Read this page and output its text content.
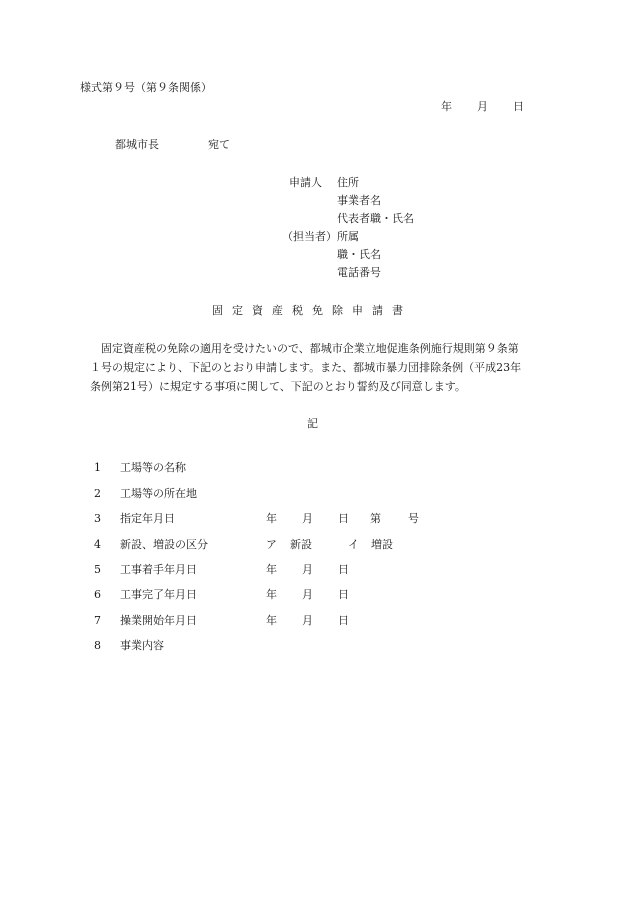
様式第９号（第９条関係）
年 月 日
都城市長	宛て
申請人 住所
事業者名
代表者職・氏名
（担当者） 所属
職・氏名
電話番号
固定資産税免除申請書
固定資産税の免除の適用を受けたいので、都城市企業立地促進条例施行規則第９条第
１号の規定により、下記のとおり申請します。また、都城市暴力団排除条例（平成23年
条例第21号）に規定する事項に関して、下記のとおり誓約及び同意します。
記
1 工場等の名称
2 工場等の所在地
3 指定年月日	年 月 日 第 号
4 新設、増設の区分	ア 新設	イ 増設
5 工事着手年月日	年 月 日
6 工事完了年月日	年 月 日
7 操業開始年月日	年 月 日
8 事業内容
